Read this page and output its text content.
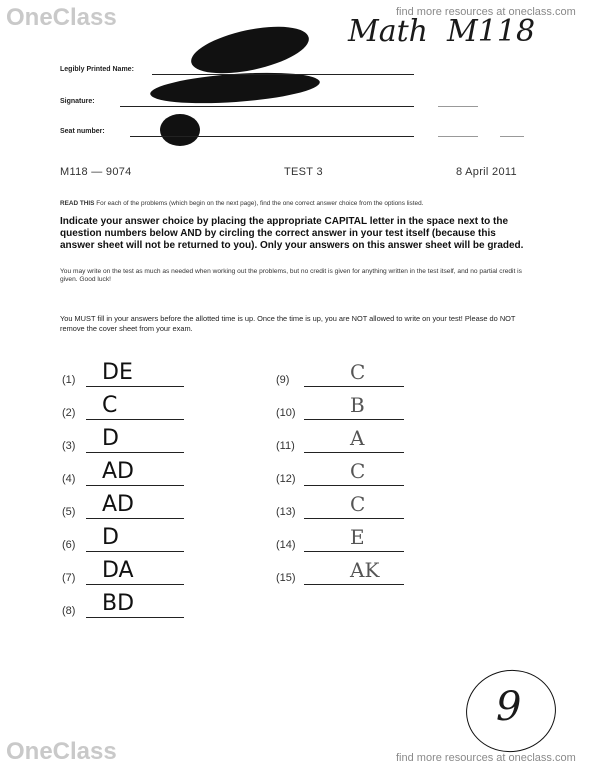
OneClass	find more resources at oneclass.com
Math  M118
Legibly Printed Name:
Signature:
Seat number:
M118 — 9074	TEST 3	8 April 2011
READ THIS For each of the problems (which begin on the next page), find the one correct answer choice from the options listed.
Indicate your answer choice by placing the appropriate CAPITAL letter in the space next to the question numbers below AND by circling the correct answer in your test itself (because this answer sheet will not be returned to you). Only your answers on this answer sheet will be graded.
You may write on the test as much as needed when working out the problems, but no credit is given for anything written in the test itself, and no partial credit is given. Good luck!
You MUST fill in your answers before the allotted time is up. Once the time is up, you are NOT allowed to write on your test! Please do NOT remove the cover sheet from your exam.
(1) DE
(2) C
(3) D
(4) AD
(5) AD
(6) D
(7) DA
(8) BD
(9)	C
(10)	B
(11)	A
(12)	C
(13)	C
(14)	E
(15)	AK
9
OneClass	find more resources at oneclass.com
